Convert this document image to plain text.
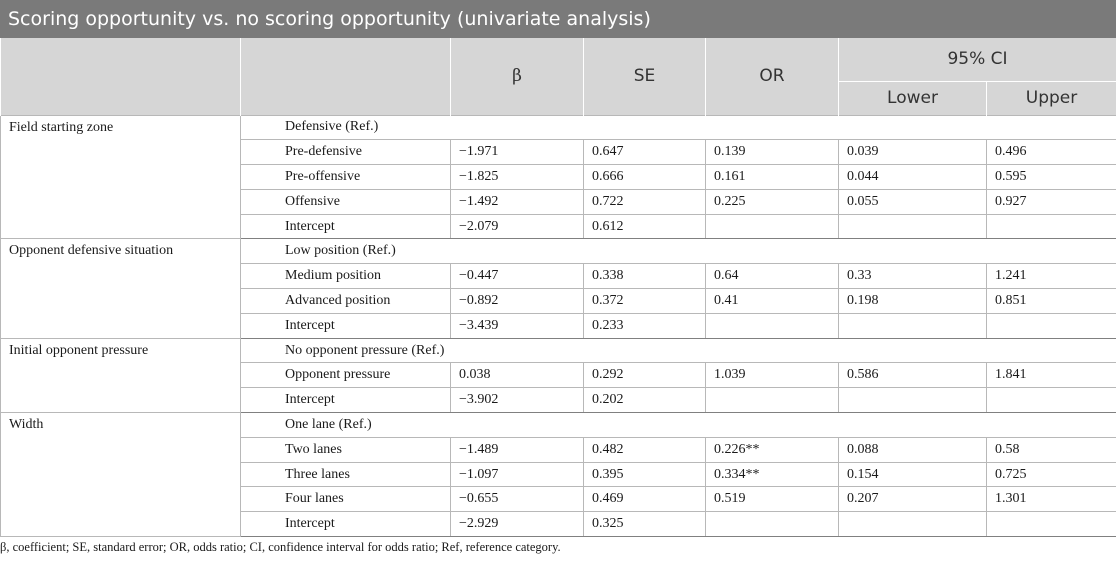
Scoring opportunity vs. no scoring opportunity (univariate analysis)
		β	SE	OR	95% CI	
					Lower	Upper
Field starting zone	Defensive (Ref.)					
	Pre-defensive	−1.971	0.647	0.139	0.039	0.496
	Pre-offensive	−1.825	0.666	0.161	0.044	0.595
	Offensive	−1.492	0.722	0.225	0.055	0.927
	Intercept	−2.079	0.612			
Opponent defensive situation	Low position (Ref.)					
	Medium position	−0.447	0.338	0.64	0.33	1.241
	Advanced position	−0.892	0.372	0.41	0.198	0.851
	Intercept	−3.439	0.233			
Initial opponent pressure	No opponent pressure (Ref.)					
	Opponent pressure	0.038	0.292	1.039	0.586	1.841
	Intercept	−3.902	0.202			
Width	One lane (Ref.)					
	Two lanes	−1.489	0.482	0.226**	0.088	0.58
	Three lanes	−1.097	0.395	0.334**	0.154	0.725
	Four lanes	−0.655	0.469	0.519	0.207	1.301
	Intercept	−2.929	0.325			
β, coefficient; SE, standard error; OR, odds ratio; CI, confidence interval for odds ratio; Ref, reference category.
